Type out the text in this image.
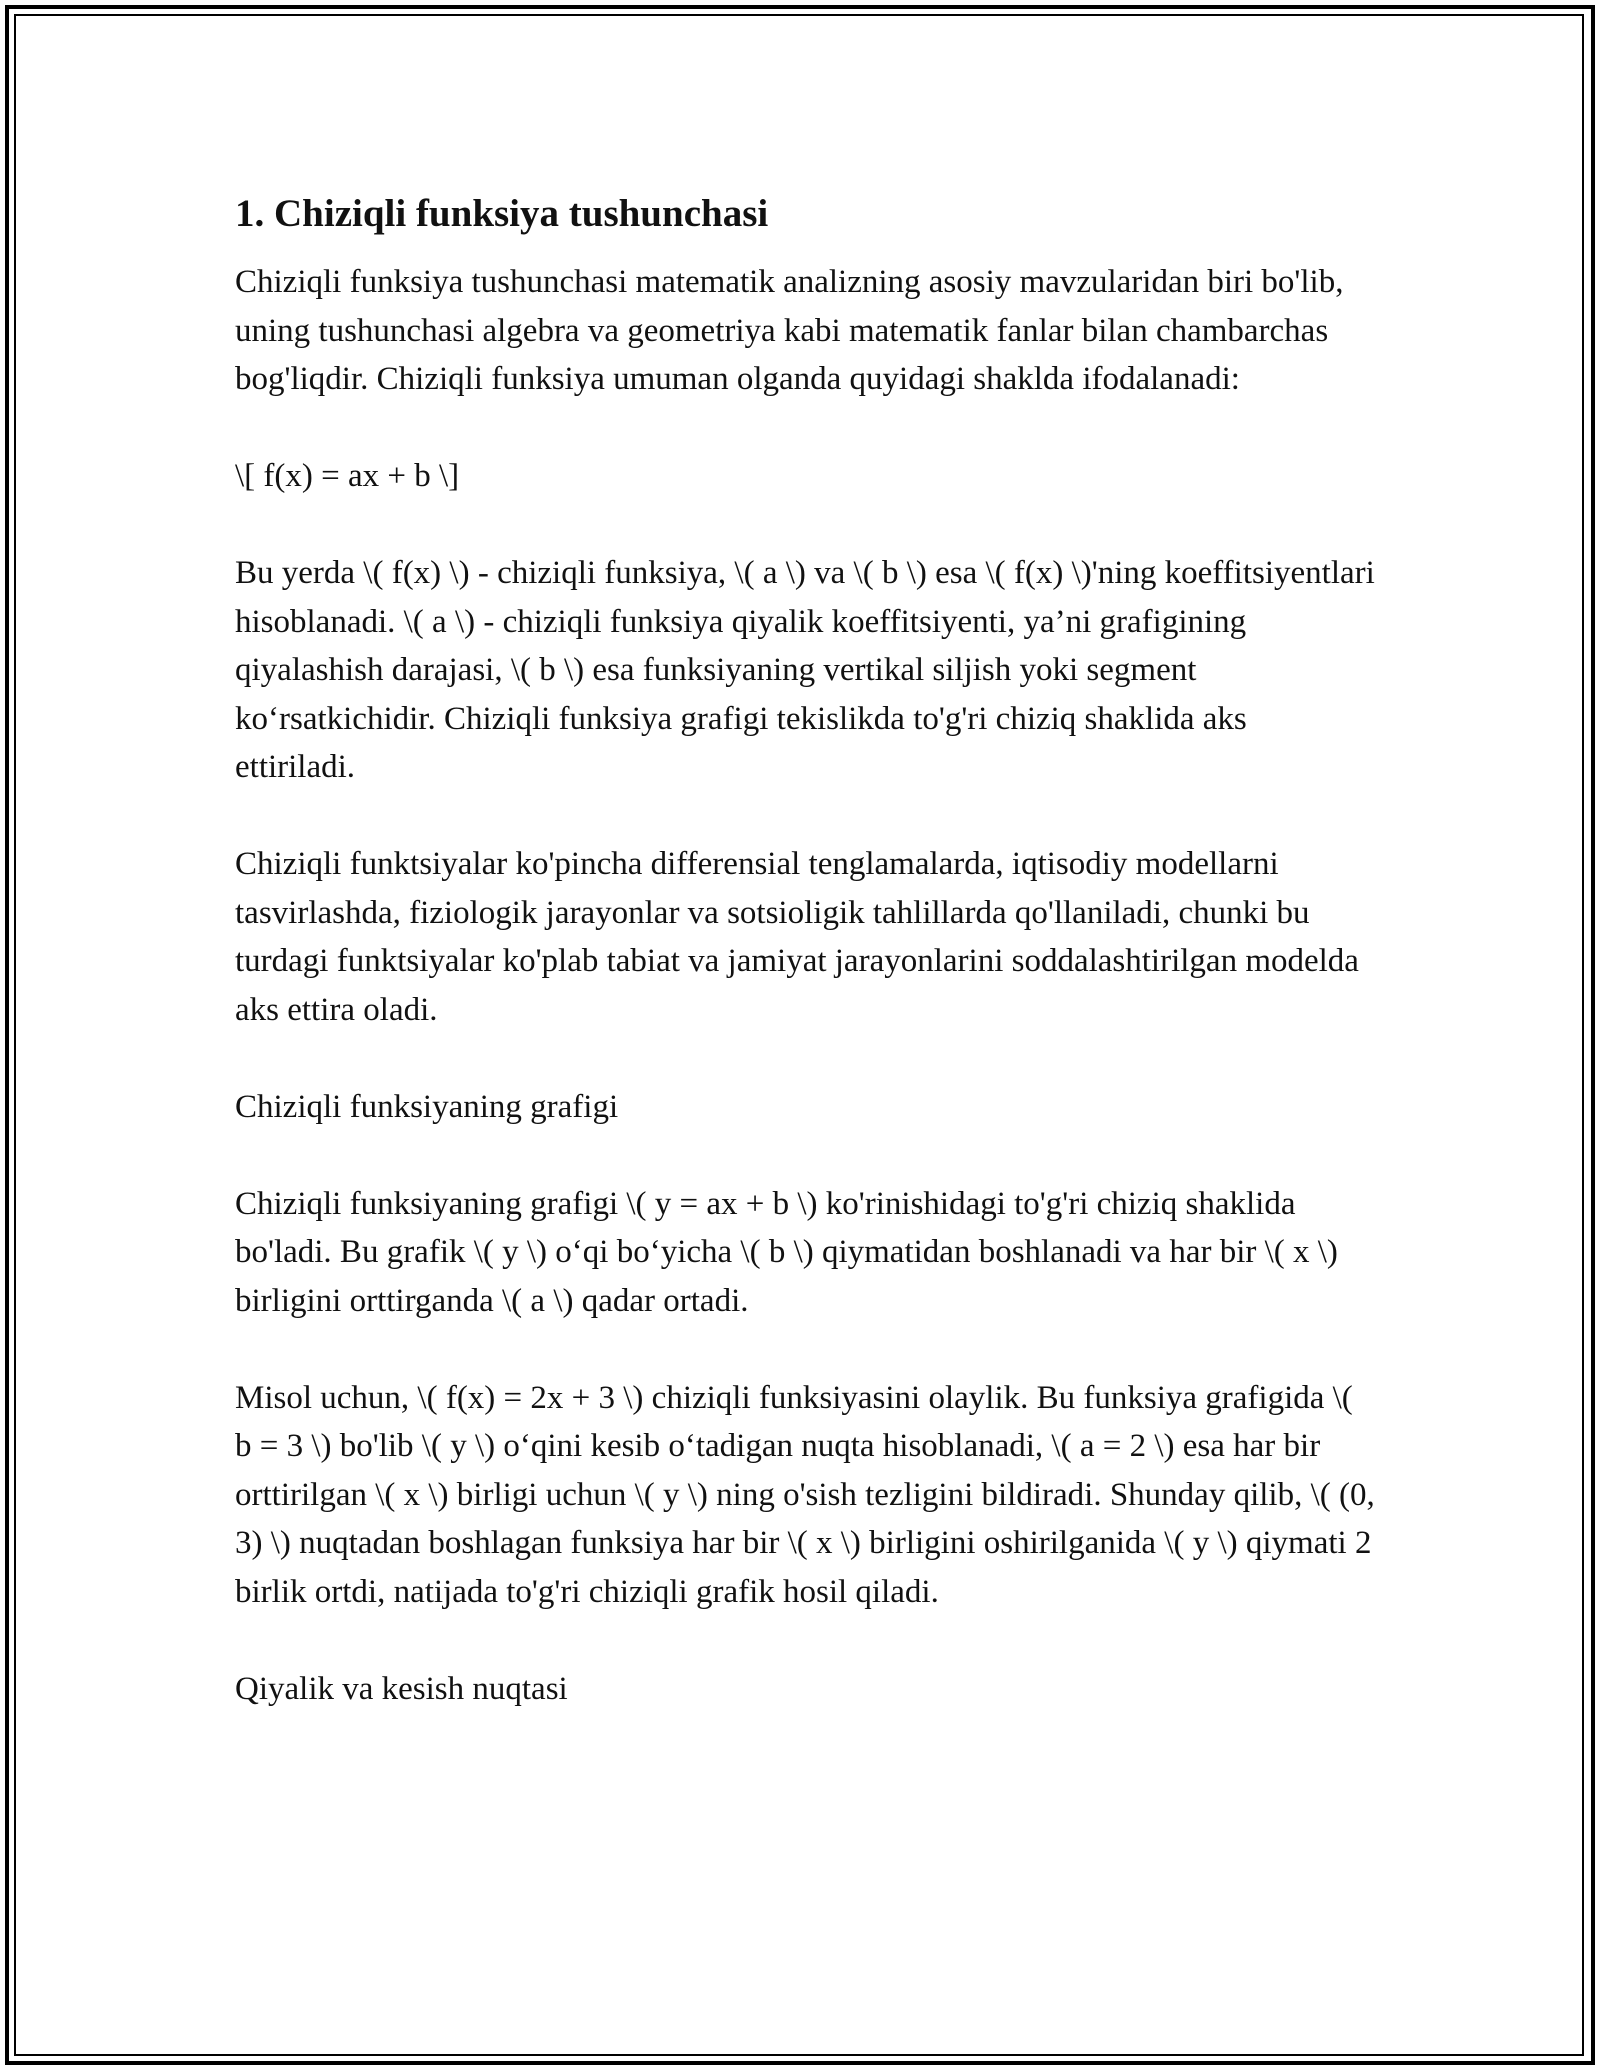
1. Chiziqli funksiya tushunchasi

Chiziqli funksiya tushunchasi matematik analizning asosiy mavzularidan biri bo'lib, uning tushunchasi algebra va geometriya kabi matematik fanlar bilan chambarchas bog'liqdir. Chiziqli funksiya umuman olganda quyidagi shaklda ifodalanadi:

\[ f(x) = ax + b \]

Bu yerda \( f(x) \) - chiziqli funksiya, \( a \) va \( b \) esa \( f(x) \)'ning koeffitsiyentlari hisoblanadi. \( a \) - chiziqli funksiya qiyalik koeffitsiyenti, ya’ni grafigining qiyalashish darajasi, \( b \) esa funksiyaning vertikal siljish yoki segment ko‘rsatkichidir. Chiziqli funksiya grafigi tekislikda to'g'ri chiziq shaklida aks ettiriladi.

Chiziqli funktsiyalar ko'pincha differensial tenglamalarda, iqtisodiy modellarni tasvirlashda, fiziologik jarayonlar va sotsioligik tahlillarda qo'llaniladi, chunki bu turdagi funktsiyalar ko'plab tabiat va jamiyat jarayonlarini soddalashtirilgan modelda aks ettira oladi.

Chiziqli funksiyaning grafigi

Chiziqli funksiyaning grafigi \( y = ax + b \) ko'rinishidagi to'g'ri chiziq shaklida bo'ladi. Bu grafik \( y \) o‘qi bo‘yicha \( b \) qiymatidan boshlanadi va har bir \( x \) birligini orttirganda \( a \) qadar ortadi.

Misol uchun, \( f(x) = 2x + 3 \) chiziqli funksiyasini olaylik. Bu funksiya grafigida \( b = 3 \) bo'lib \( y \) o‘qini kesib o‘tadigan nuqta hisoblanadi, \( a = 2 \) esa har bir orttirilgan \( x \) birligi uchun \( y \) ning o'sish tezligini bildiradi. Shunday qilib, \( (0, 3) \) nuqtadan boshlagan funksiya har bir \( x \) birligini oshirilganida \( y \) qiymati 2 birlik ortdi, natijada to'g'ri chiziqli grafik hosil qiladi.

Qiyalik va kesish nuqtasi
